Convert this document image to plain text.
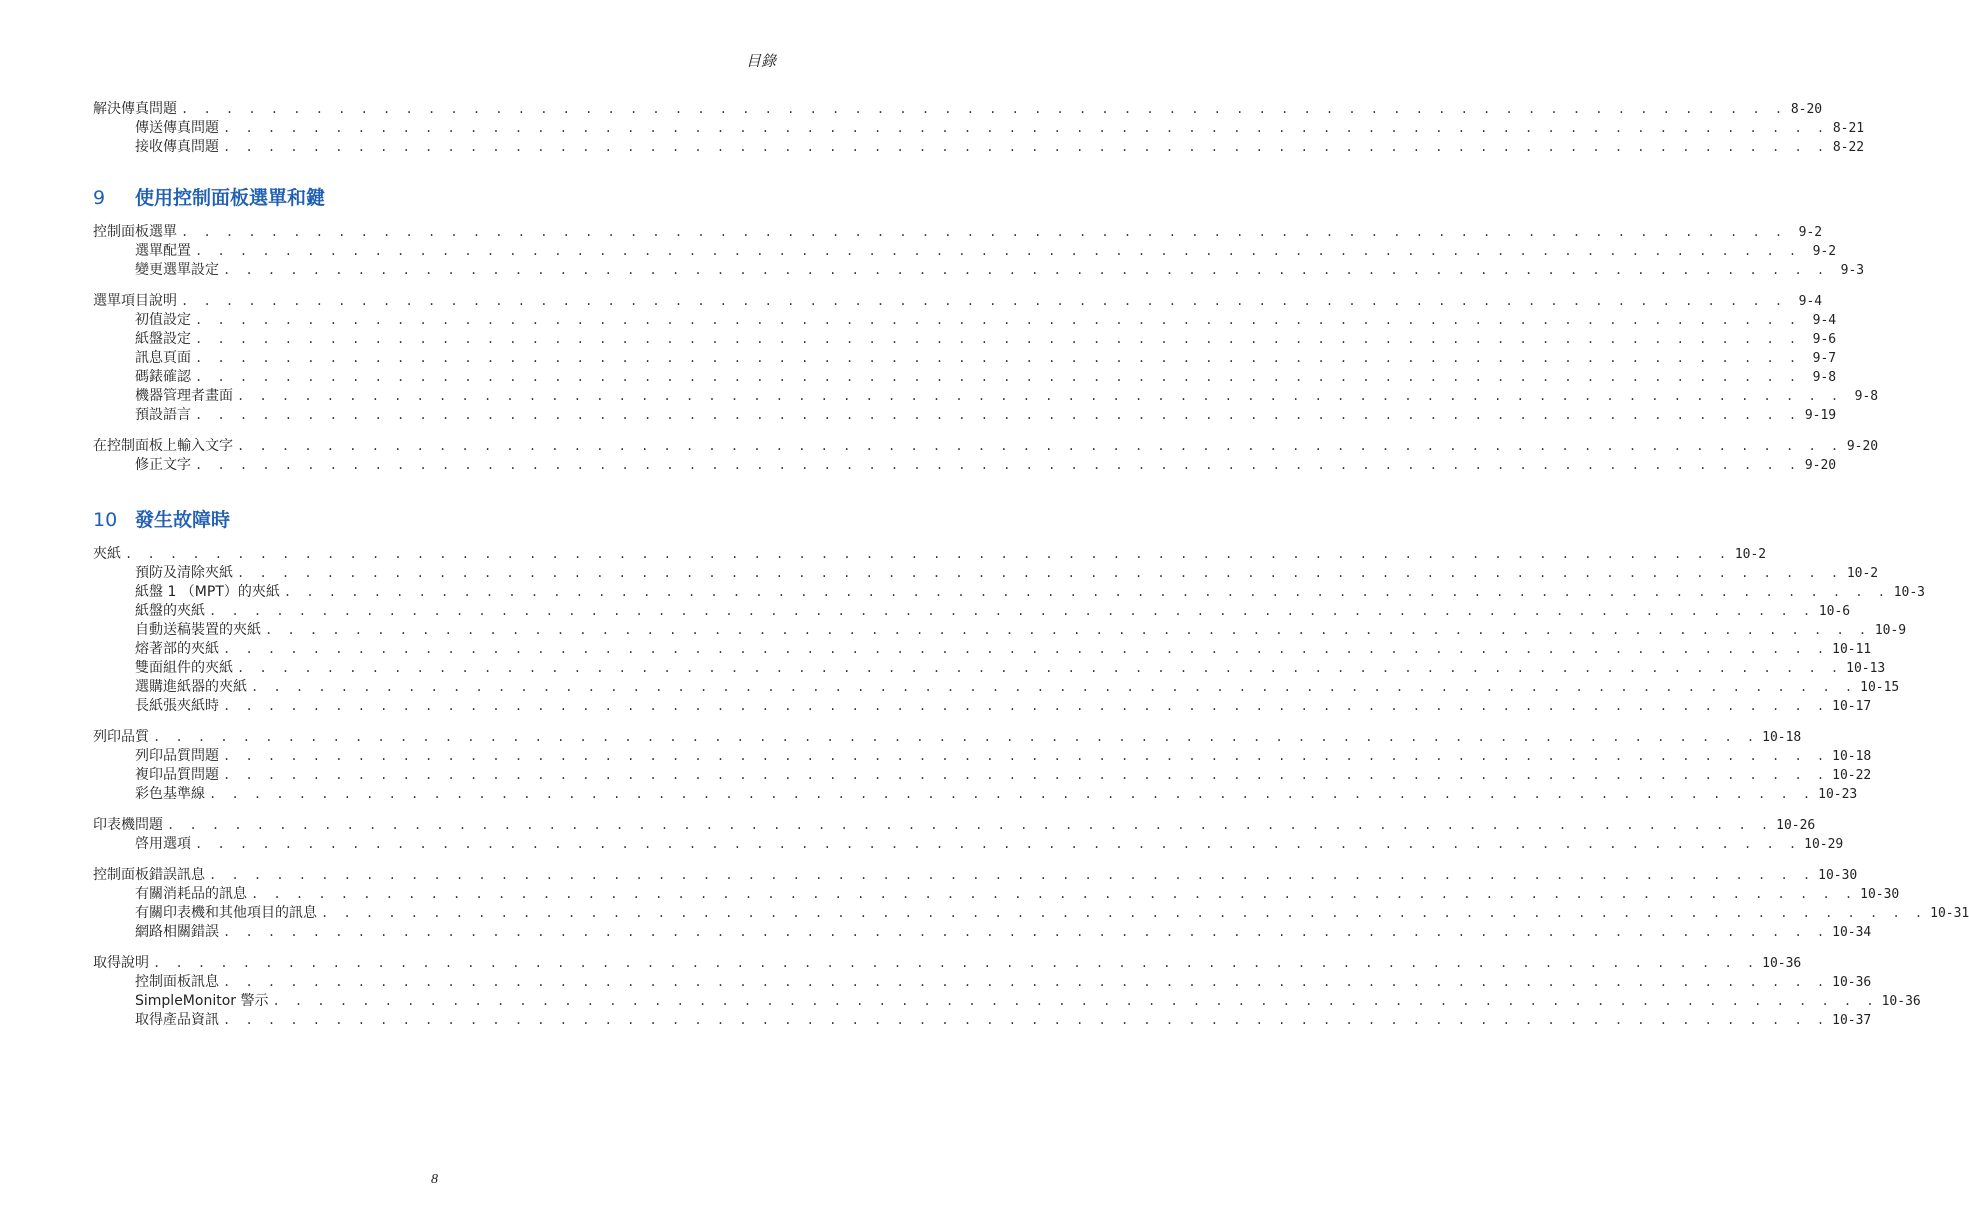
目錄
解決傳真問題 . . . . . . . . . . . . . . . . . . . . . . . . . . . . . . . . . . . . . . . . . . . . . . . . . . . . . . . . . . . . . . . . . . . . . . . . 8-20
傳送傳真問題 . . . . . . . . . . . . . . . . . . . . . . . . . . . . . . . . . . . . . . . . . . . . . . . . . . . . . . . . . . . . . . . . . . . . . . . . 8-21
接收傳真問題 . . . . . . . . . . . . . . . . . . . . . . . . . . . . . . . . . . . . . . . . . . . . . . . . . . . . . . . . . . . . . . . . . . . . . . . . 8-22
9	使用控制面板選單和鍵
控制面板選單 . . . . . . . . . . . . . . . . . . . . . . . . . . . . . . . . . . . . . . . . . . . . . . . . . . . . . . . . . . . . . . . . . . . . . . . . 9-2
選單配置 . . . . . . . . . . . . . . . . . . . . . . . . . . . . . . . . . . . . . . . . . . . . . . . . . . . . . . . . . . . . . . . . . . . . . . . . 9-2
變更選單設定 . . . . . . . . . . . . . . . . . . . . . . . . . . . . . . . . . . . . . . . . . . . . . . . . . . . . . . . . . . . . . . . . . . . . . . . . 9-3
選單項目說明 . . . . . . . . . . . . . . . . . . . . . . . . . . . . . . . . . . . . . . . . . . . . . . . . . . . . . . . . . . . . . . . . . . . . . . . . 9-4
初值設定 . . . . . . . . . . . . . . . . . . . . . . . . . . . . . . . . . . . . . . . . . . . . . . . . . . . . . . . . . . . . . . . . . . . . . . . . 9-4
紙盤設定 . . . . . . . . . . . . . . . . . . . . . . . . . . . . . . . . . . . . . . . . . . . . . . . . . . . . . . . . . . . . . . . . . . . . . . . . 9-6
訊息頁面 . . . . . . . . . . . . . . . . . . . . . . . . . . . . . . . . . . . . . . . . . . . . . . . . . . . . . . . . . . . . . . . . . . . . . . . . 9-7
碼錶確認 . . . . . . . . . . . . . . . . . . . . . . . . . . . . . . . . . . . . . . . . . . . . . . . . . . . . . . . . . . . . . . . . . . . . . . . . 9-8
機器管理者畫面 . . . . . . . . . . . . . . . . . . . . . . . . . . . . . . . . . . . . . . . . . . . . . . . . . . . . . . . . . . . . . . . . . . . . . . . . 9-8
預設語言 . . . . . . . . . . . . . . . . . . . . . . . . . . . . . . . . . . . . . . . . . . . . . . . . . . . . . . . . . . . . . . . . . . . . . . . . 9-19
在控制面板上輸入文字 . . . . . . . . . . . . . . . . . . . . . . . . . . . . . . . . . . . . . . . . . . . . . . . . . . . . . . . . . . . . . . . . . . . . . . . . 9-20
修正文字 . . . . . . . . . . . . . . . . . . . . . . . . . . . . . . . . . . . . . . . . . . . . . . . . . . . . . . . . . . . . . . . . . . . . . . . . 9-20
10 發生故障時
夾紙 . . . . . . . . . . . . . . . . . . . . . . . . . . . . . . . . . . . . . . . . . . . . . . . . . . . . . . . . . . . . . . . . . . . . . . . . 10-2
預防及清除夾紙 . . . . . . . . . . . . . . . . . . . . . . . . . . . . . . . . . . . . . . . . . . . . . . . . . . . . . . . . . . . . . . . . . . . . . . . . 10-2
紙盤 1 （MPT）的夾紙 . . . . . . . . . . . . . . . . . . . . . . . . . . . . . . . . . . . . . . . . . . . . . . . . . . . . . . . . . . . . . . . . . . . . . . . . 10-3
紙盤的夾紙 . . . . . . . . . . . . . . . . . . . . . . . . . . . . . . . . . . . . . . . . . . . . . . . . . . . . . . . . . . . . . . . . . . . . . . . . 10-6
自動送稿裝置的夾紙 . . . . . . . . . . . . . . . . . . . . . . . . . . . . . . . . . . . . . . . . . . . . . . . . . . . . . . . . . . . . . . . . . . . . . . . . 10-9
熔著部的夾紙 . . . . . . . . . . . . . . . . . . . . . . . . . . . . . . . . . . . . . . . . . . . . . . . . . . . . . . . . . . . . . . . . . . . . . . . . 10-11
雙面組件的夾紙 . . . . . . . . . . . . . . . . . . . . . . . . . . . . . . . . . . . . . . . . . . . . . . . . . . . . . . . . . . . . . . . . . . . . . . . . 10-13
選購進紙器的夾紙 . . . . . . . . . . . . . . . . . . . . . . . . . . . . . . . . . . . . . . . . . . . . . . . . . . . . . . . . . . . . . . . . . . . . . . . . 10-15
長紙張夾紙時 . . . . . . . . . . . . . . . . . . . . . . . . . . . . . . . . . . . . . . . . . . . . . . . . . . . . . . . . . . . . . . . . . . . . . . . . 10-17
列印品質 . . . . . . . . . . . . . . . . . . . . . . . . . . . . . . . . . . . . . . . . . . . . . . . . . . . . . . . . . . . . . . . . . . . . . . . . 10-18
列印品質問題 . . . . . . . . . . . . . . . . . . . . . . . . . . . . . . . . . . . . . . . . . . . . . . . . . . . . . . . . . . . . . . . . . . . . . . . . 10-18
複印品質問題 . . . . . . . . . . . . . . . . . . . . . . . . . . . . . . . . . . . . . . . . . . . . . . . . . . . . . . . . . . . . . . . . . . . . . . . . 10-22
彩色基準線 . . . . . . . . . . . . . . . . . . . . . . . . . . . . . . . . . . . . . . . . . . . . . . . . . . . . . . . . . . . . . . . . . . . . . . . . 10-23
印表機問題 . . . . . . . . . . . . . . . . . . . . . . . . . . . . . . . . . . . . . . . . . . . . . . . . . . . . . . . . . . . . . . . . . . . . . . . . 10-26
啓用選項 . . . . . . . . . . . . . . . . . . . . . . . . . . . . . . . . . . . . . . . . . . . . . . . . . . . . . . . . . . . . . . . . . . . . . . . . 10-29
控制面板錯誤訊息 . . . . . . . . . . . . . . . . . . . . . . . . . . . . . . . . . . . . . . . . . . . . . . . . . . . . . . . . . . . . . . . . . . . . . . . . 10-30
有關消耗品的訊息 . . . . . . . . . . . . . . . . . . . . . . . . . . . . . . . . . . . . . . . . . . . . . . . . . . . . . . . . . . . . . . . . . . . . . . . . 10-30
有關印表機和其他項目的訊息 . . . . . . . . . . . . . . . . . . . . . . . . . . . . . . . . . . . . . . . . . . . . . . . . . . . . . . . . . . . . . . . . . . . . . . . . 10-31
網路相關錯誤 . . . . . . . . . . . . . . . . . . . . . . . . . . . . . . . . . . . . . . . . . . . . . . . . . . . . . . . . . . . . . . . . . . . . . . . . 10-34
取得說明 . . . . . . . . . . . . . . . . . . . . . . . . . . . . . . . . . . . . . . . . . . . . . . . . . . . . . . . . . . . . . . . . . . . . . . . . 10-36
控制面板訊息 . . . . . . . . . . . . . . . . . . . . . . . . . . . . . . . . . . . . . . . . . . . . . . . . . . . . . . . . . . . . . . . . . . . . . . . . 10-36
SimpleMonitor 警示 . . . . . . . . . . . . . . . . . . . . . . . . . . . . . . . . . . . . . . . . . . . . . . . . . . . . . . . . . . . . . . . . . . . . . . . . 10-36
取得產品資訊 . . . . . . . . . . . . . . . . . . . . . . . . . . . . . . . . . . . . . . . . . . . . . . . . . . . . . . . . . . . . . . . . . . . . . . . . 10-37
8
